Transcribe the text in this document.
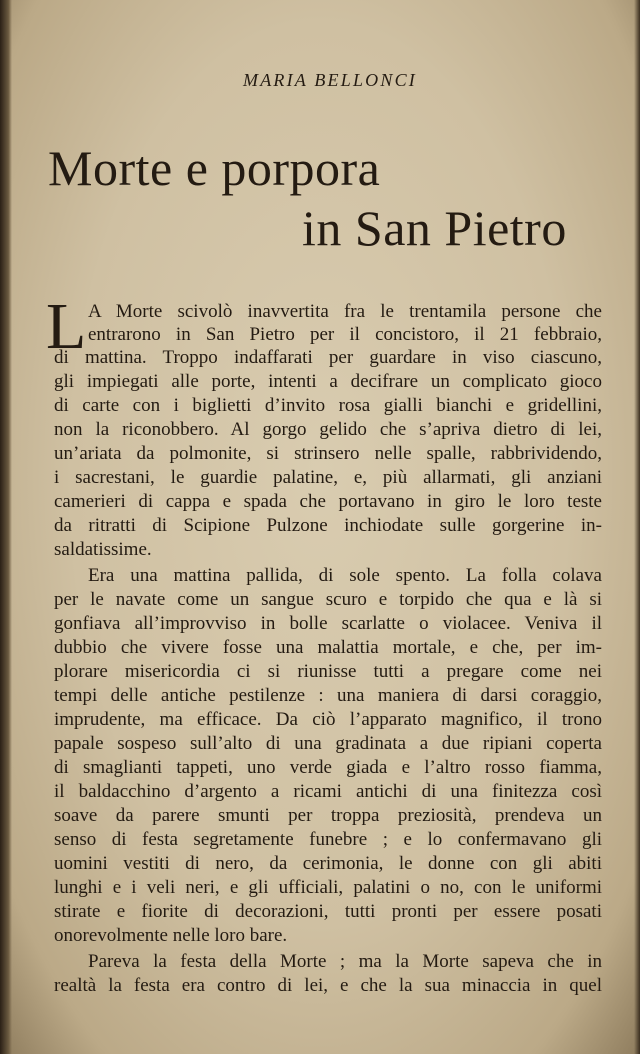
MARIA BELLONCI
Morte e porpora
in San Pietro
L A Morte scivolò inavvertita fra le trentamila persone che
entrarono in San Pietro per il concistoro, il 21 febbraio,
di mattina. Troppo indaffarati per guardare in viso ciascuno,
gli impiegati alle porte, intenti a decifrare un complicato gioco
di carte con i biglietti d’invito rosa gialli bianchi e gridellini,
non la riconobbero. Al gorgo gelido che s’apriva dietro di lei,
un’ariata da polmonite, si strinsero nelle spalle, rabbrividendo,
i sacrestani, le guardie palatine, e, più allarmati, gli anziani
camerieri di cappa e spada che portavano in giro le loro teste
da ritratti di Scipione Pulzone inchiodate sulle gorgerine in-
saldatissime.
Era una mattina pallida, di sole spento. La folla colava
per le navate come un sangue scuro e torpido che qua e là si
gonfiava all’improvviso in bolle scarlatte o violacee. Veniva il
dubbio che vivere fosse una malattia mortale, e che, per im-
plorare misericordia ci si riunisse tutti a pregare come nei
tempi delle antiche pestilenze : una maniera di darsi coraggio,
imprudente, ma efficace. Da ciò l’apparato magnifico, il trono
papale sospeso sull’alto di una gradinata a due ripiani coperta
di smaglianti tappeti, uno verde giada e l’altro rosso fiamma,
il baldacchino d’argento a ricami antichi di una finitezza così
soave da parere smunti per troppa preziosità, prendeva un
senso di festa segretamente funebre ; e lo confermavano gli
uomini vestiti di nero, da cerimonia, le donne con gli abiti
lunghi e i veli neri, e gli ufficiali, palatini o no, con le uniformi
stirate e fiorite di decorazioni, tutti pronti per essere posati
onorevolmente nelle loro bare.
Pareva la festa della Morte ; ma la Morte sapeva che in
realtà la festa era contro di lei, e che la sua minaccia in quel
